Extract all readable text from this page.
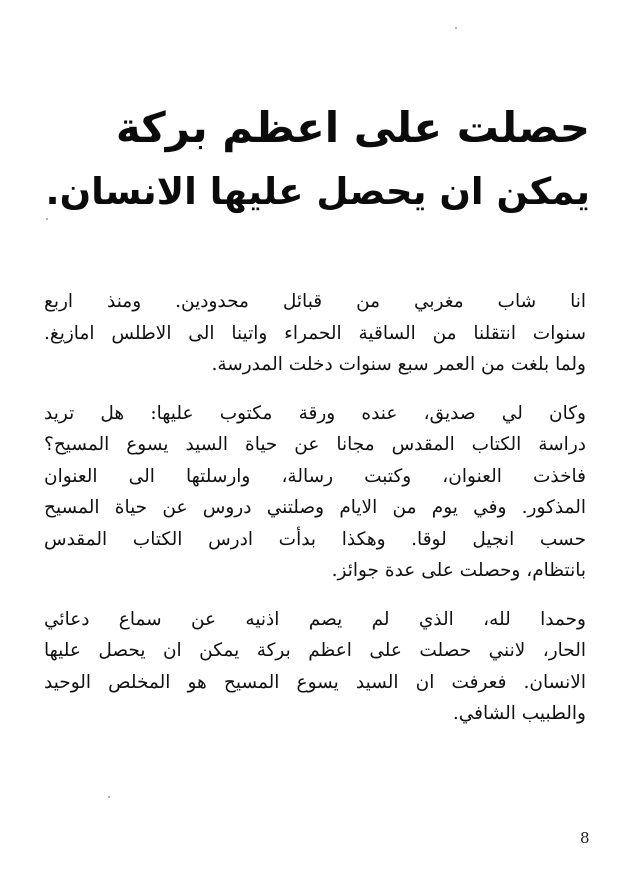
حصلت على اعظم بركة
يمكن ان يحصل عليها الانسان.

انا شاب مغربي من قبائل محدودين. ومنذ اربع
سنوات انتقلنا من الساقية الحمراء واتينا الى الاطلس امازيغ.
ولما بلغت من العمر سبع سنوات دخلت المدرسة.

وكان لي صديق، عنده ورقة مكتوب عليها: هل تريد
دراسة الكتاب المقدس مجانا عن حياة السيد يسوع المسيح؟
فاخذت العنوان، وكتبت رسالة، وارسلتها الى العنوان
المذكور. وفي يوم من الايام وصلتني دروس عن حياة المسيح
حسب انجيل لوقا. وهكذا بدأت ادرس الكتاب المقدس
بانتظام، وحصلت على عدة جوائز.

وحمدا لله، الذي لم يصم اذنيه عن سماع دعائي
الحار، لانني حصلت على اعظم بركة يمكن ان يحصل عليها
الانسان. فعرفت ان السيد يسوع المسيح هو المخلص الوحيد
والطبيب الشافي.

8
